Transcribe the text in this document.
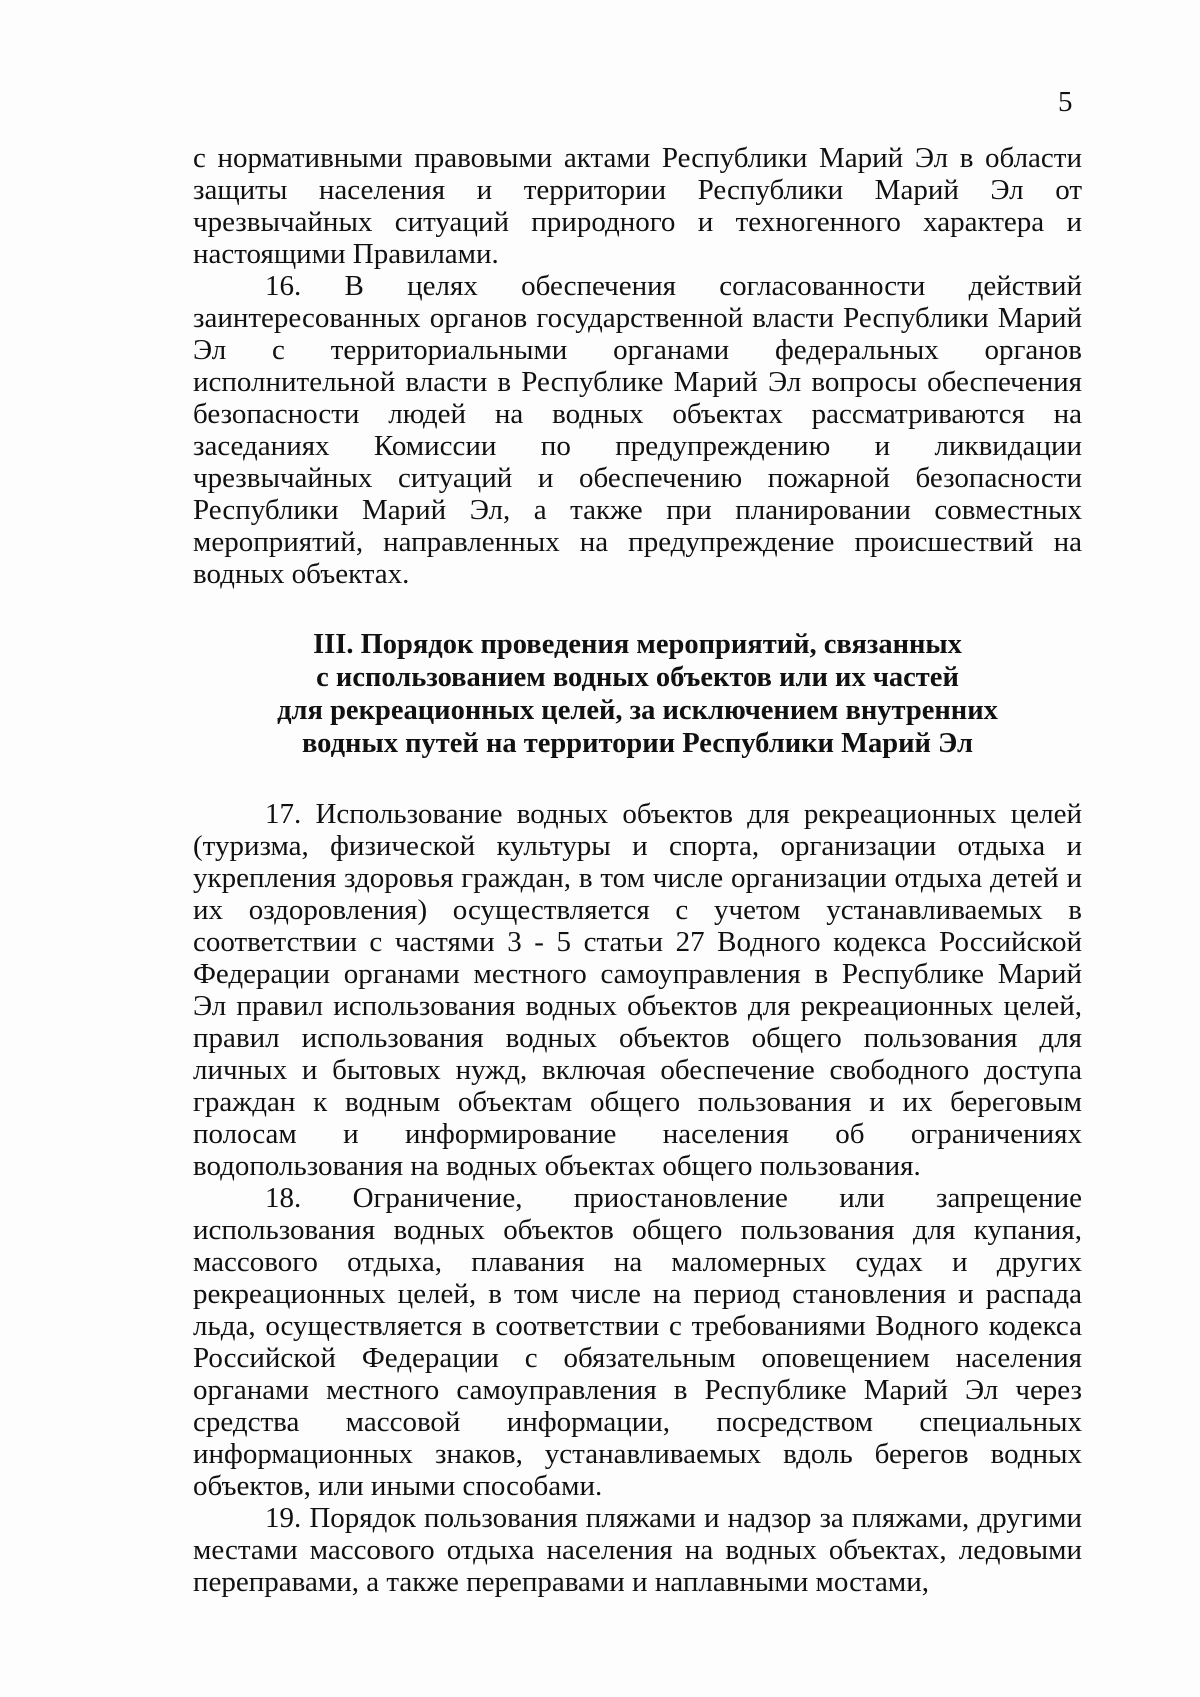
5

с нормативными правовыми актами Республики Марий Эл в области защиты населения и территории Республики Марий Эл от чрезвычайных ситуаций природного и техногенного характера и настоящими Правилами.

16. В целях обеспечения согласованности действий заинтересованных органов государственной власти Республики Марий Эл с территориальными органами федеральных органов исполнительной власти в Республике Марий Эл вопросы обеспечения безопасности людей на водных объектах рассматриваются на заседаниях Комиссии по предупреждению и ликвидации чрезвычайных ситуаций и обеспечению пожарной безопасности Республики Марий Эл, а также при планировании совместных мероприятий, направленных на предупреждение происшествий на водных объектах.

III. Порядок проведения мероприятий, связанных
с использованием водных объектов или их частей
для рекреационных целей, за исключением внутренних
водных путей на территории Республики Марий Эл

17. Использование водных объектов для рекреационных целей (туризма, физической культуры и спорта, организации отдыха и укрепления здоровья граждан, в том числе организации отдыха детей и их оздоровления) осуществляется с учетом устанавливаемых в соответствии с частями 3 - 5 статьи 27 Водного кодекса Российской Федерации органами местного самоуправления в Республике Марий Эл правил использования водных объектов для рекреационных целей, правил использования водных объектов общего пользования для личных и бытовых нужд, включая обеспечение свободного доступа граждан к водным объектам общего пользования и их береговым полосам и информирование населения об ограничениях водопользования на водных объектах общего пользования.

18. Ограничение, приостановление или запрещение использования водных объектов общего пользования для купания, массового отдыха, плавания на маломерных судах и других рекреационных целей, в том числе на период становления и распада льда, осуществляется в соответствии с требованиями Водного кодекса Российской Федерации с обязательным оповещением населения органами местного самоуправления в Республике Марий Эл через средства массовой информации, посредством специальных информационных знаков, устанавливаемых вдоль берегов водных объектов, или иными способами.

19. Порядок пользования пляжами и надзор за пляжами, другими местами массового отдыха населения на водных объектах, ледовыми переправами, а также переправами и наплавными мостами,
